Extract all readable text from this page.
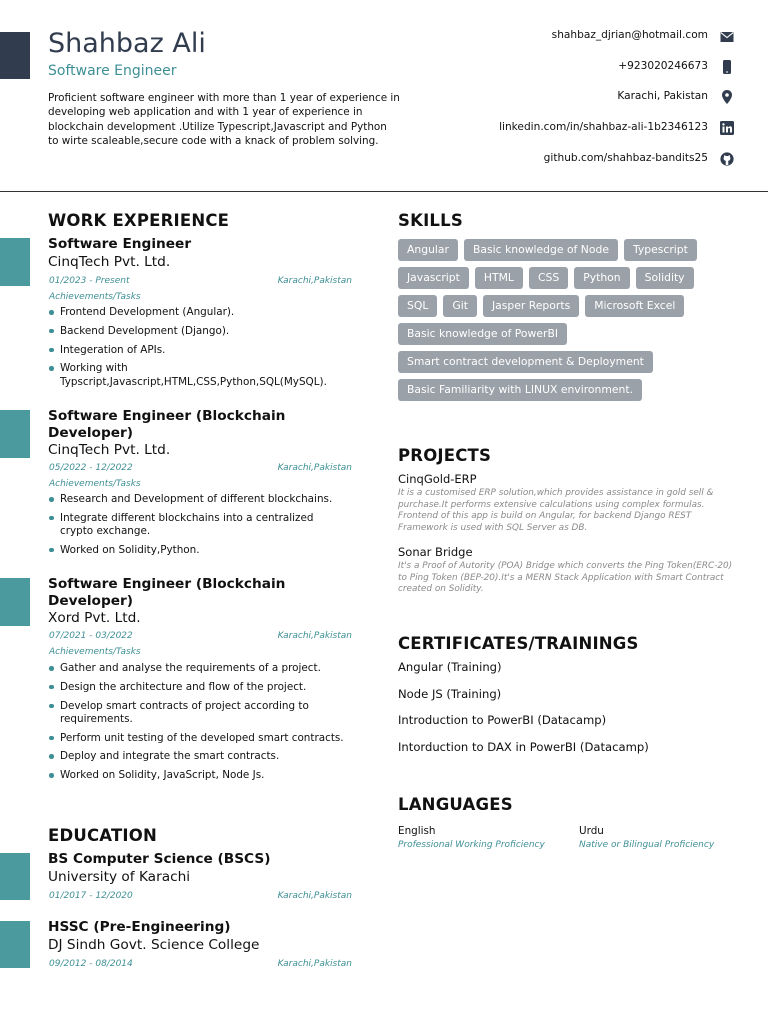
Shahbaz Ali
Software Engineer
Proficient software engineer with more than 1 year of experience in developing web application and with 1 year of experience in blockchain development .Utilize Typescript,Javascript and Python to wirte scaleable,secure code with a knack of problem solving.
shahbaz_djrian@hotmail.com
+923020246673
Karachi, Pakistan
linkedin.com/in/shahbaz-ali-1b2346123
github.com/shahbaz-bandits25
WORK EXPERIENCE
Software Engineer
CinqTech Pvt. Ltd.
01/2023 - Present	Karachi,Pakistan
Achievements/Tasks
Frontend Development (Angular).
Backend Development (Django).
Integeration of APIs.
Working with Typscript,Javascript,HTML,CSS,Python,SQL(MySQL).
Software Engineer (Blockchain Developer)
CinqTech Pvt. Ltd.
05/2022 - 12/2022	Karachi,Pakistan
Achievements/Tasks
Research and Development of different blockchains.
Integrate different blockchains into a centralized crypto exchange.
Worked on Solidity,Python.
Software Engineer (Blockchain Developer)
Xord Pvt. Ltd.
07/2021 - 03/2022	Karachi,Pakistan
Achievements/Tasks
Gather and analyse the requirements of a project.
Design the architecture and flow of the project.
Develop smart contracts of project according to requirements.
Perform unit testing of the developed smart contracts.
Deploy and integrate the smart contracts.
Worked on Solidity, JavaScript, Node Js.
EDUCATION
BS Computer Science (BSCS)
University of Karachi
01/2017 - 12/2020	Karachi,Pakistan
HSSC (Pre-Engineering)
DJ Sindh Govt. Science College
09/2012 - 08/2014	Karachi,Pakistan
SKILLS
Angular	Basic knowledge of Node	Typescript
Javascript	HTML	CSS	Python	Solidity
SQL	Git	Jasper Reports	Microsoft Excel
Basic knowledge of PowerBI
Smart contract development & Deployment
Basic Familiarity with LINUX environment.
PROJECTS
CinqGold-ERP
It is a customised ERP solution,which provides assistance in gold sell & purchase.It performs extensive calculations using complex formulas. Frontend of this app is build on Angular, for backend Django REST Framework is used with SQL Server as DB.
Sonar Bridge
It's a Proof of Autority (POA) Bridge which converts the Ping Token(ERC-20) to Ping Token (BEP-20).It's a MERN Stack Application with Smart Contract created on Solidity.
CERTIFICATES/TRAININGS
Angular (Training)
Node JS (Training)
Introduction to PowerBI (Datacamp)
Intorduction to DAX in PowerBI (Datacamp)
LANGUAGES
English
Professional Working Proficiency
Urdu
Native or Bilingual Proficiency
